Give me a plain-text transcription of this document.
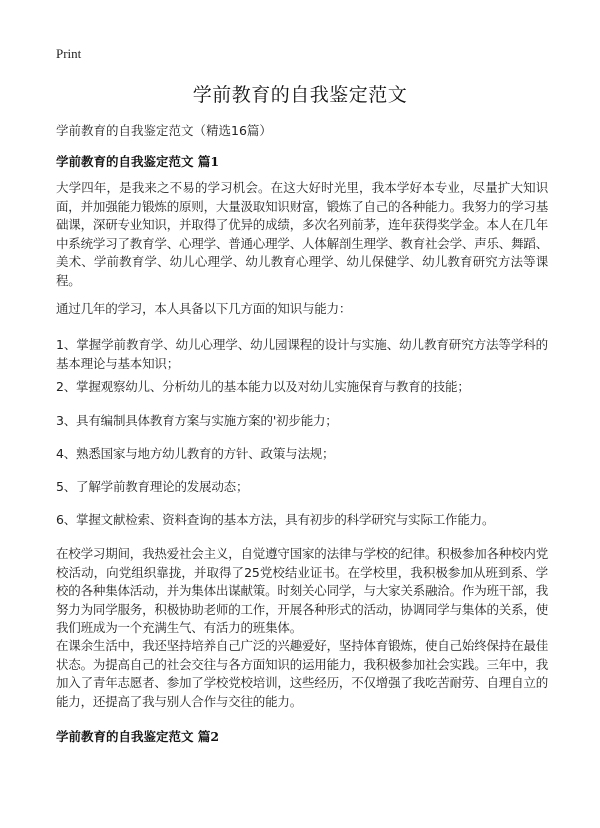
Print
学前教育的自我鉴定范文
学前教育的自我鉴定范文（精选16篇）
学前教育的自我鉴定范文 篇1
大学四年，是我来之不易的学习机会。在这大好时光里，我本学好本专业，尽量扩大知识面，并加强能力锻炼的原则，大量汲取知识财富，锻炼了自己的各种能力。我努力的学习基础课，深研专业知识，并取得了优异的成绩，多次名列前茅，连年获得奖学金。本人在几年中系统学习了教育学、心理学、普通心理学、人体解剖生理学、教育社会学、声乐、舞蹈、美术、学前教育学、幼儿心理学、幼儿教育心理学、幼儿保健学、幼儿教育研究方法等课程。
通过几年的学习，本人具备以下几方面的知识与能力：
1、掌握学前教育学、幼儿心理学、幼儿园课程的设计与实施、幼儿教育研究方法等学科的基本理论与基本知识；
2、掌握观察幼儿、分析幼儿的基本能力以及对幼儿实施保育与教育的技能；
3、具有编制具体教育方案与实施方案的'初步能力；
4、熟悉国家与地方幼儿教育的方针、政策与法规；
5、了解学前教育理论的发展动态；
6、掌握文献检索、资料查询的基本方法，具有初步的科学研究与实际工作能力。
在校学习期间，我热爱社会主义，自觉遵守国家的法律与学校的纪律。积极参加各种校内党校活动，向党组织靠拢，并取得了25党校结业证书。在学校里，我积极参加从班到系、学校的各种集体活动，并为集体出谋献策。时刻关心同学，与大家关系融洽。作为班干部，我努力为同学服务，积极协助老师的工作，开展各种形式的活动，协调同学与集体的关系，使我们班成为一个充满生气、有活力的班集体。
在课余生活中，我还坚持培养自己广泛的兴趣爱好，坚持体育锻炼，使自己始终保持在最佳状态。为提高自己的社会交往与各方面知识的运用能力，我积极参加社会实践。三年中，我加入了青年志愿者、参加了学校党校培训，这些经历，不仅增强了我吃苦耐劳、自理自立的能力，还提高了我与别人合作与交往的能力。
学前教育的自我鉴定范文 篇2
